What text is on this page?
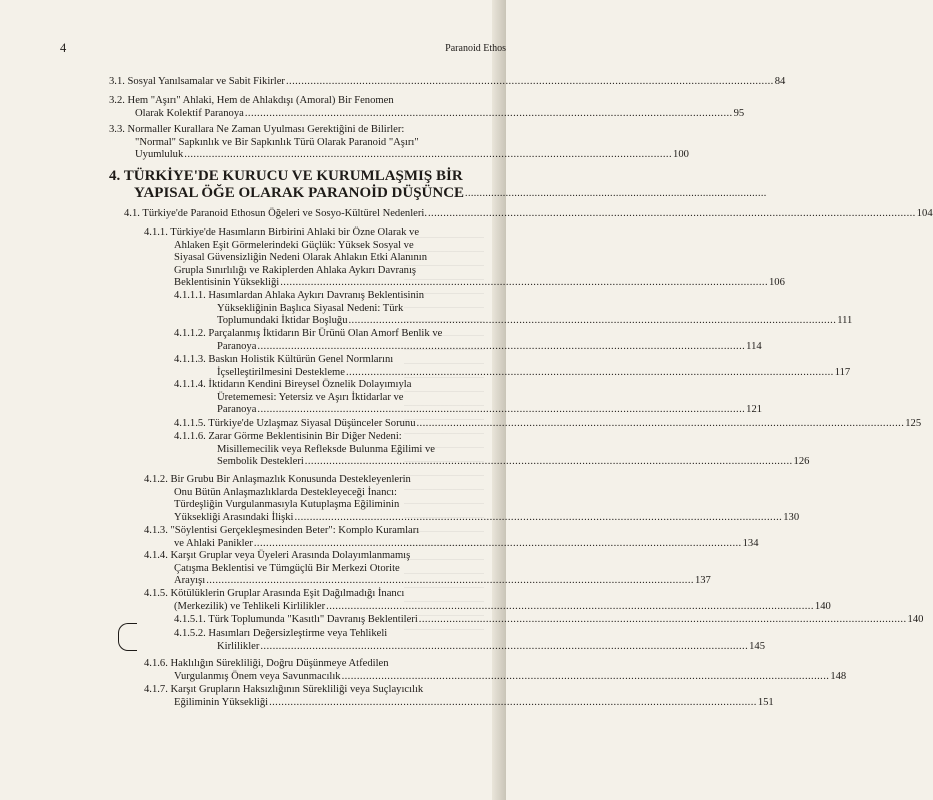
4	Paranoid Ethos
3.1. Sosyal Yanılsamalar ve Sabit Fikirler .....	84
3.2. Hem "Aşırı" Ahlaki, Hem de Ahlakdışı (Amoral) Bir Fenomen
Olarak Kolektif Paranoya .....	95
3.3. Normaller Kurallara Ne Zaman Uyulması Gerektiğini de Bilirler:
"Normal" Sapkınlık ve Bir Sapkınlık Türü Olarak Paranoid "Aşırı"
Uyumluluk .....	100
4. TÜRKİYE'DE KURUCU VE KURUMLAŞMIŞ BİR
YAPISAL ÖĞE OLARAK PARANOİD DÜŞÜNCE
.....
4.1. Türkiye'de Paranoid Ethosun Öğeleri ve Sosyo-Kültürel Nedenleri. .....	104
4.1.1. Türkiye'de Hasımların Birbirini Ahlaki bir Özne Olarak ve
Ahlaken Eşit Görmelerindeki Güçlük: Yüksek Sosyal ve
Siyasal Güvensizliğin Nedeni Olarak Ahlakın Etki Alanının
Grupla Sınırlılığı ve Rakiplerden Ahlaka Aykırı Davranış
Beklentisinin Yüksekliği .....	106
4.1.1.1. Hasımlardan Ahlaka Aykırı Davranış Beklentisinin
Yüksekliğinin Başlıca Siyasal Nedeni: Türk
Toplumundaki İktidar Boşluğu .....	111
4.1.1.2. Parçalanmış İktidarın Bir Ürünü Olan Amorf Benlik ve
Paranoya .....	114
4.1.1.3. Baskın Holistik Kültürün Genel Normlarını
İçselleştirilmesini Destekleme .....	117
4.1.1.4. İktidarın Kendini Bireysel Öznelik Dolayımıyla
Üretememesi: Yetersiz ve Aşırı İktidarlar ve
Paranoya .....	121
4.1.1.5. Türkiye'de Uzlaşmaz Siyasal Düşünceler Sorunu .....	125
4.1.1.6. Zarar Görme Beklentisinin Bir Diğer Nedeni:
Misillemecilik veya Refleksde Bulunma Eğilimi ve
Sembolik Destekleri .....	126
4.1.2. Bir Grubu Bir Anlaşmazlık Konusunda Destekleyenlerin
Onu Bütün Anlaşmazlıklarda Destekleyeceği İnancı:
Türdeşliğin Vurgulanmasıyla Kutuplaşma Eğiliminin
Yüksekliği Arasındaki İlişki .....	130
4.1.3. "Söylentisi Gerçekleşmesinden Beter": Komplo Kuramları
ve Ahlaki Panikler .....	134
4.1.4. Karşıt Gruplar veya Üyeleri Arasında Dolayımlanmamış
Çatışma Beklentisi ve Tümgüçlü Bir Merkezi Otorite
Arayışı .....	137
4.1.5. Kötülüklerin Gruplar Arasında Eşit Dağılmadığı İnancı
(Merkezilik) ve Tehlikeli Kirlilikler .....	140
4.1.5.1. Türk Toplumunda "Kasıtlı" Davranış Beklentileri .....	140
4.1.5.2. Hasımları Değersizleştirme veya Tehlikeli
Kirlilikler .....	145
4.1.6. Haklılığın Sürekliliği, Doğru Düşünmeye Atfedilen
Vurgulanmış Önem veya Savunmacılık .....	148
4.1.7. Karşıt Grupların Haksızlığının Sürekliliği veya Suçlayıcılık
Eğiliminin Yüksekliği .....	151
